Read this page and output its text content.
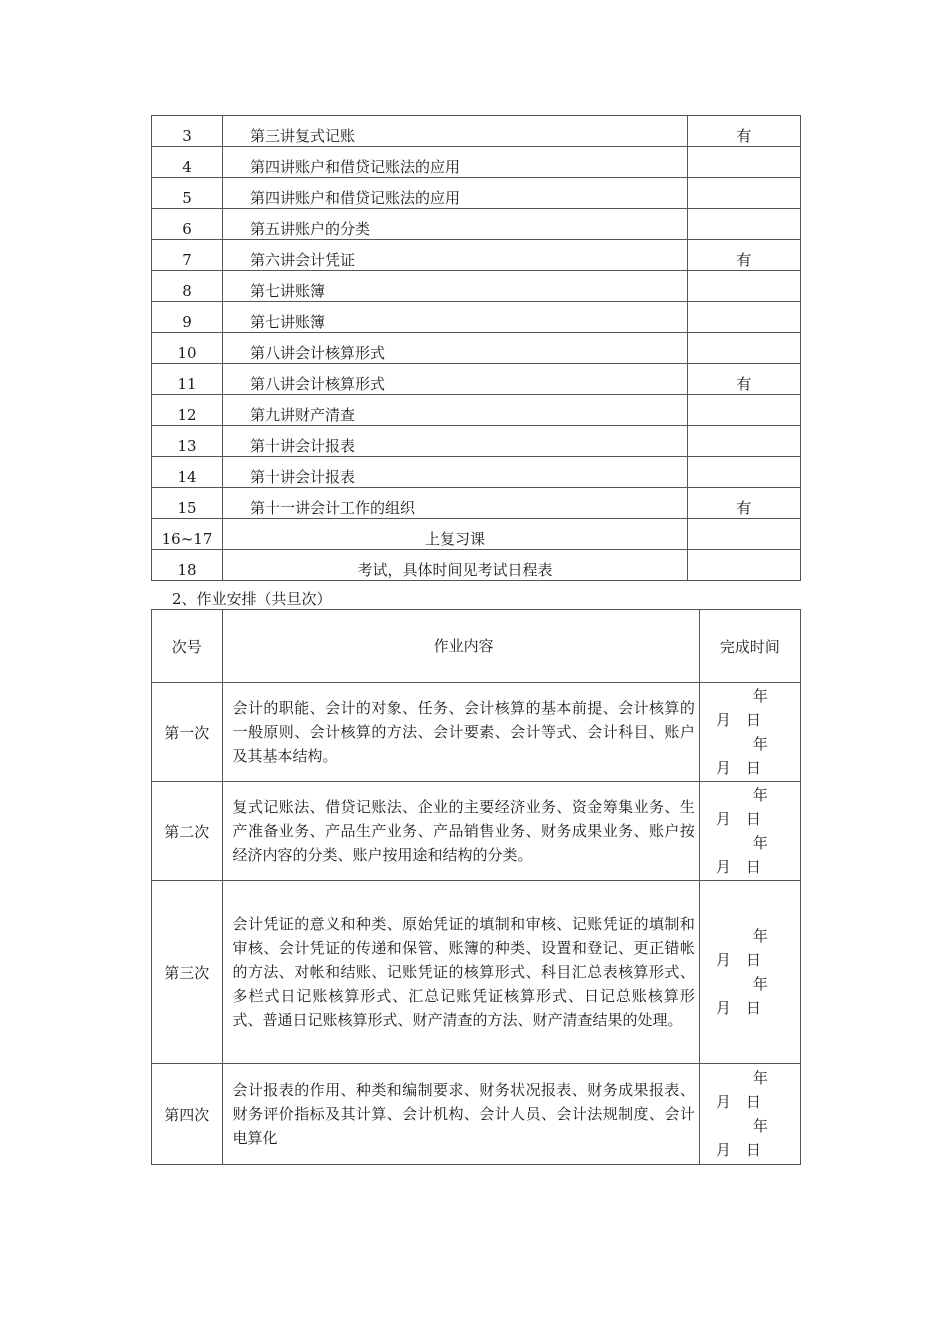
3	第三讲复式记账	有
4	第四讲账户和借贷记账法的应用	
5	第四讲账户和借贷记账法的应用	
6	第五讲账户的分类	
7	第六讲会计凭证	有
8	第七讲账簿	
9	第七讲账簿	
10	第八讲会计核算形式	
11	第八讲会计核算形式	有
12	第九讲财产清查	
13	第十讲会计报表	
14	第十讲会计报表	
15	第十一讲会计工作的组织	有
16~17	上复习课	
18	考试，具体时间见考试日程表	

2、作业安排（共旦次）

次号	作业内容	完成时间
第一次	会计的职能、会计的对象、任务、会计核算的基本前提、会计核算的一般原则、会计核算的方法、会计要素、会计等式、会计科目、账户及其基本结构。	年
月 日
年
月 日

第二次	复式记账法、借贷记账法、企业的主要经济业务、资金筹集业务、生产准备业务、产品生产业务、产品销售业务、财务成果业务、账户按经济内容的分类、账户按用途和结构的分类。	年
月 日
年
月 日

第三次	会计凭证的意义和种类、原始凭证的填制和审核、记账凭证的填制和审核、会计凭证的传递和保管、账簿的种类、设置和登记、更正错帐的方法、对帐和结账、记账凭证的核算形式、科目汇总表核算形式、多栏式日记账核算形式、汇总记账凭证核算形式、日记总账核算形式、普通日记账核算形式、财产清查的方法、财产清查结果的处理。	年
月 日
年
月 日

第四次	会计报表的作用、种类和编制要求、财务状况报表、财务成果报表、财务评价指标及其计算、会计机构、会计人员、会计法规制度、会计电算化	年
月 日
年
月 日
